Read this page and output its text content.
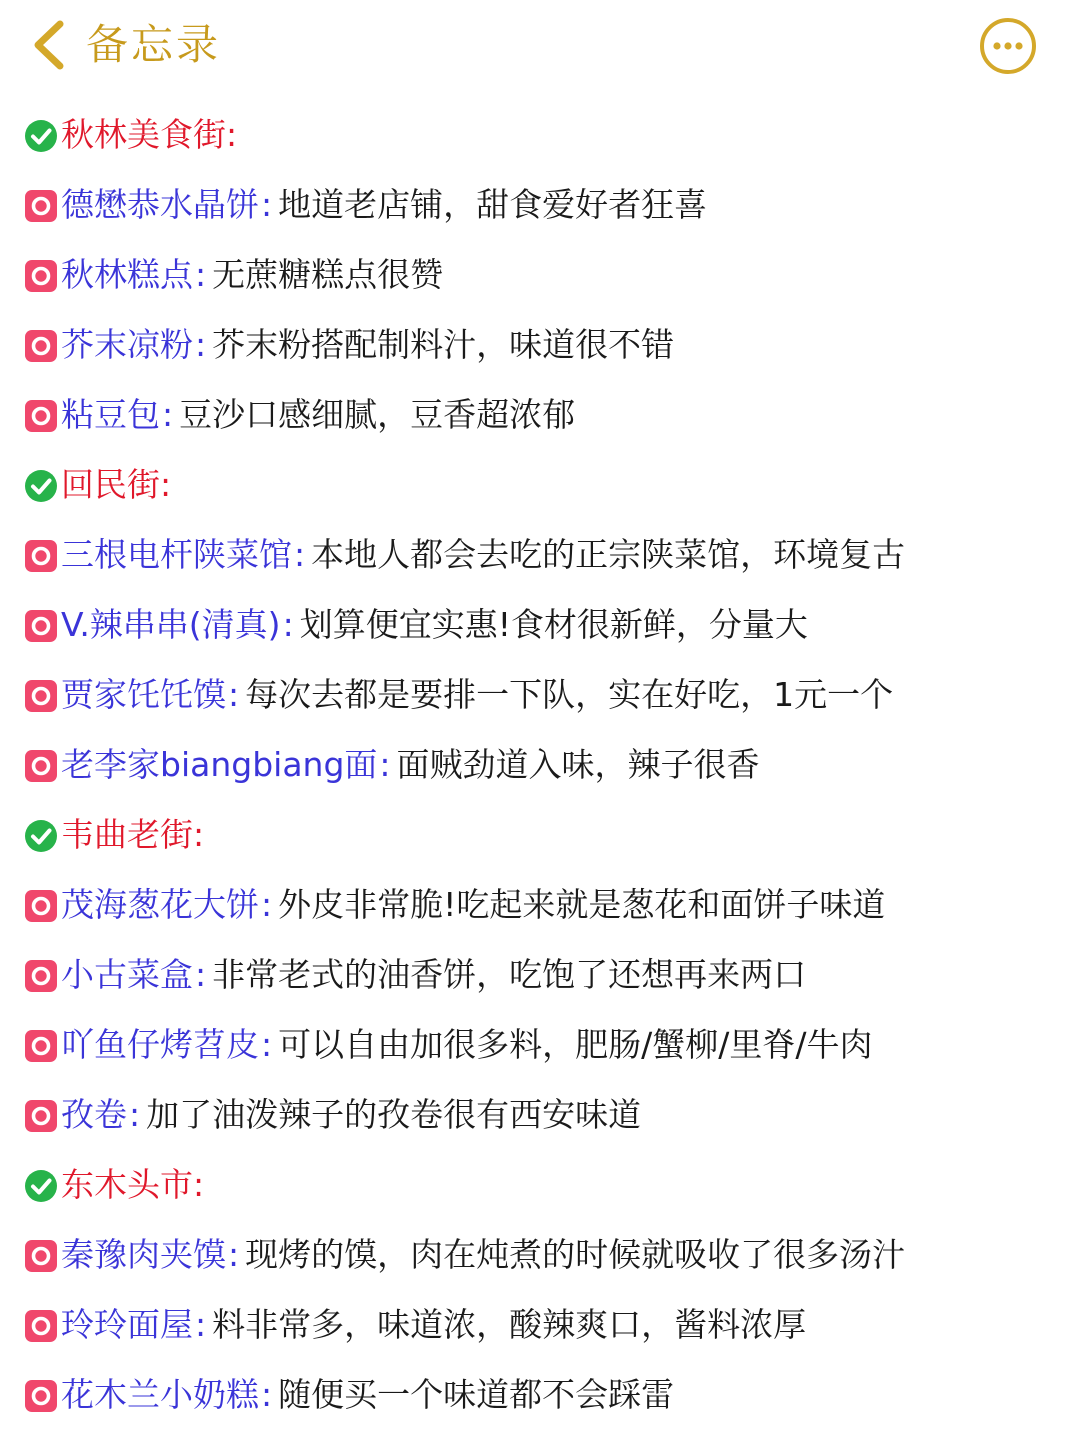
备忘录
秋林美食街:
德懋恭水晶饼: 地道老店铺，甜食爱好者狂喜
秋林糕点: 无蔗糖糕点很赞
芥末凉粉: 芥末粉搭配制料汁，味道很不错
粘豆包: 豆沙口感细腻，豆香超浓郁
回民街:
三根电杆陕菜馆: 本地人都会去吃的正宗陕菜馆，环境复古
V.辣串串(清真): 划算便宜实惠!食材很新鲜，分量大
贾家饦饦馍: 每次去都是要排一下队，实在好吃，1元一个
老李家biangbiang面: 面贼劲道入味，辣子很香
韦曲老街:
茂海葱花大饼: 外皮非常脆!吃起来就是葱花和面饼子味道
小古菜盒: 非常老式的油香饼，吃饱了还想再来两口
吖鱼仔烤苕皮: 可以自由加很多料，肥肠/蟹柳/里脊/牛肉
孜卷: 加了油泼辣子的孜卷很有西安味道
东木头市:
秦豫肉夹馍: 现烤的馍，肉在炖煮的时候就吸收了很多汤汁
玲玲面屋: 料非常多，味道浓，酸辣爽口，酱料浓厚
花木兰小奶糕: 随便买一个味道都不会踩雷
